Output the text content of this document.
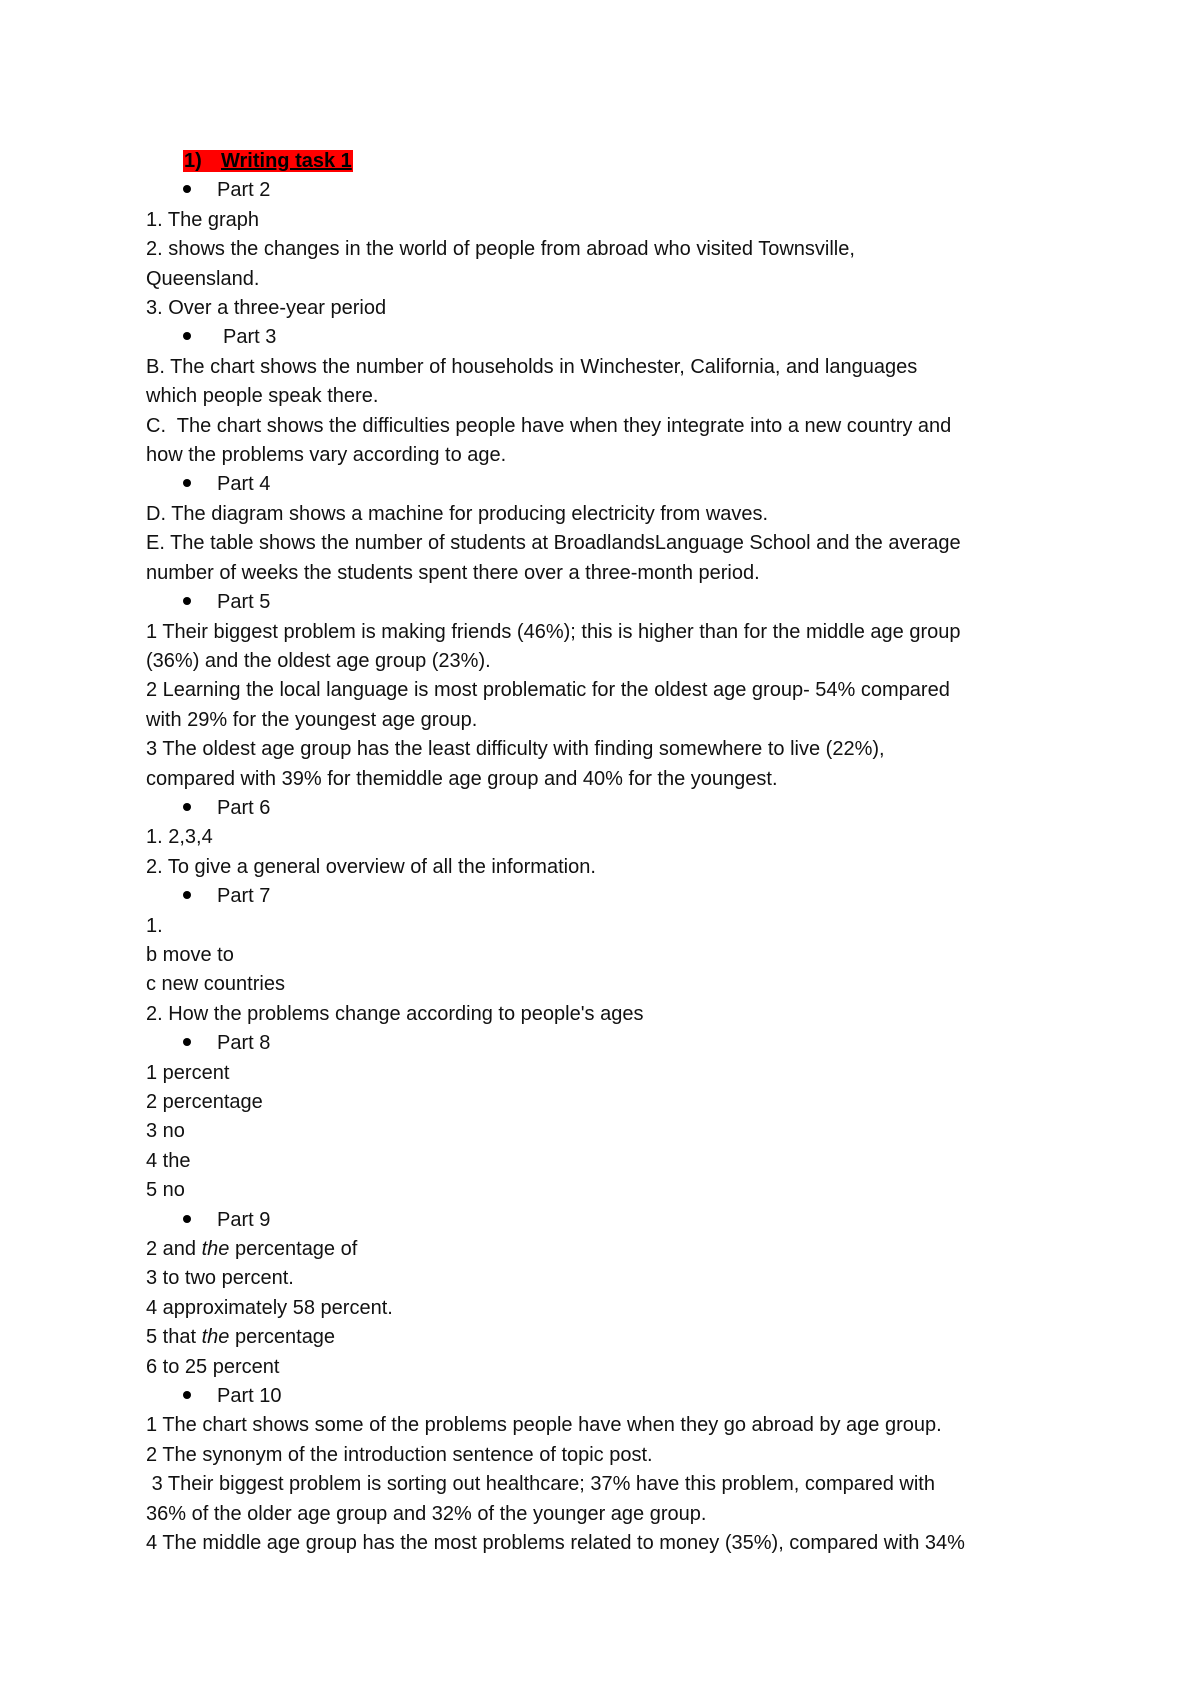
1) Writing task 1
Part 2
1. The graph
2. shows the changes in the world of people from abroad who visited Townsville,
Queensland.
3. Over a three-year period
Part 3
B. The chart shows the number of households in Winchester, California, and languages
which people speak there.
C.  The chart shows the difficulties people have when they integrate into a new country and
how the problems vary according to age.
Part 4
D. The diagram shows a machine for producing electricity from waves.
E. The table shows the number of students at BroadlandsLanguage School and the average
number of weeks the students spent there over a three-month period.
Part 5
1 Their biggest problem is making friends (46%); this is higher than for the middle age group
(36%) and the oldest age group (23%).
2 Learning the local language is most problematic for the oldest age group- 54% compared
with 29% for the youngest age group.
3 The oldest age group has the least difficulty with finding somewhere to live (22%),
compared with 39% for themiddle age group and 40% for the youngest.
Part 6
1. 2,3,4
2. To give a general overview of all the information.
Part 7
1.
b move to
c new countries
2. How the problems change according to people's ages
Part 8
1 percent
2 percentage
3 no
4 the
5 no
Part 9
2 and the percentage of
3 to two percent.
4 approximately 58 percent.
5 that the percentage
6 to 25 percent
Part 10
1 The chart shows some of the problems people have when they go abroad by age group.
2 The synonym of the introduction sentence of topic post.
3 Their biggest problem is sorting out healthcare; 37% have this problem, compared with
36% of the older age group and 32% of the younger age group.
4 The middle age group has the most problems related to money (35%), compared with 34%
